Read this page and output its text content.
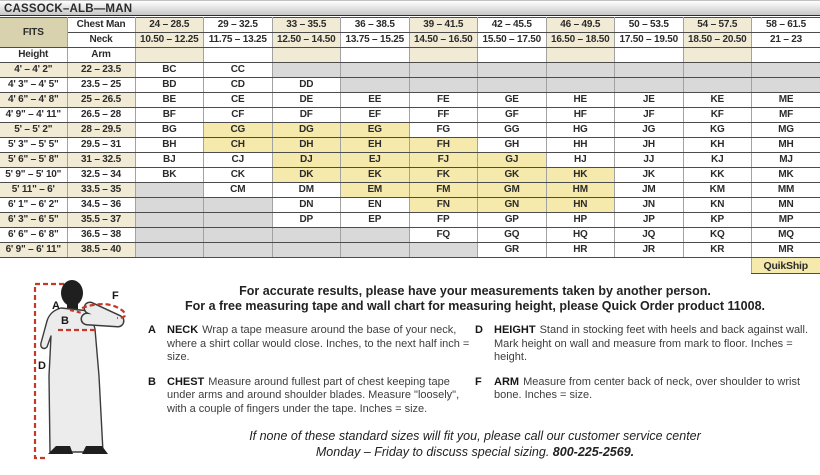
CASSOCK–ALB—MAN
FITS	Chest Man	24 – 28.5	29 – 32.5	33 – 35.5	36 – 38.5	39 – 41.5	42 – 45.5	46 – 49.5	50 – 53.5	54 – 57.5	58 – 61.5
	Neck	10.50 – 12.25	11.75 – 13.25	12.50 – 14.50	13.75 – 15.25	14.50 – 16.50	15.50 – 17.50	16.50 – 18.50	17.50 – 19.50	18.50 – 20.50	21 – 23
Height	Arm										
4' – 4' 2"	22 – 23.5	BC	CC								
4' 3" – 4' 5"	23.5 – 25	BD	CD	DD							
4' 6" – 4' 8"	25 – 26.5	BE	CE	DE	EE	FE	GE	HE	JE	KE	ME
4' 9" – 4' 11"	26.5 – 28	BF	CF	DF	EF	FF	GF	HF	JF	KF	MF
5' – 5' 2"	28 – 29.5	BG	CG	DG	EG	FG	GG	HG	JG	KG	MG
5' 3" – 5' 5"	29.5 – 31	BH	CH	DH	EH	FH	GH	HH	JH	KH	MH
5' 6" – 5' 8"	31 – 32.5	BJ	CJ	DJ	EJ	FJ	GJ	HJ	JJ	KJ	MJ
5' 9" – 5' 10"	32.5 – 34	BK	CK	DK	EK	FK	GK	HK	JK	KK	MK
5' 11" – 6'	33.5 – 35		CM	DM	EM	FM	GM	HM	JM	KM	MM
6' 1" – 6' 2"	34.5 – 36			DN	EN	FN	GN	HN	JN	KN	MN
6' 3" – 6' 5"	35.5 – 37			DP	EP	FP	GP	HP	JP	KP	MP
6' 6" – 6' 8"	36.5 – 38					FQ	GQ	HQ	JQ	KQ	MQ
6' 9" – 6' 11"	38.5 – 40						GR	HR	JR	KR	MR
											QuikShip
A
B
D
F	For accurate results, please have your measurements taken by another person.
For a free measuring tape and wall chart for measuring height, please Quick Order product 11008.
A	NECK Wrap a tape measure around the base of your neck, where a shirt collar would close. Inches, to the next half inch = size.
B	CHEST Measure around fullest part of chest keeping tape under arms and around shoulder blades. Measure "loosely", with a couple of fingers under the tape. Inches = size.
D	HEIGHT Stand in stocking feet with heels and back against wall. Mark height on wall and measure from mark to floor. Inches = height.
F	ARM Measure from center back of neck, over shoulder to wrist bone. Inches = size.
If none of these standard sizes will fit you, please call our customer service center
Monday – Friday to discuss special sizing. 800-225-2569.
